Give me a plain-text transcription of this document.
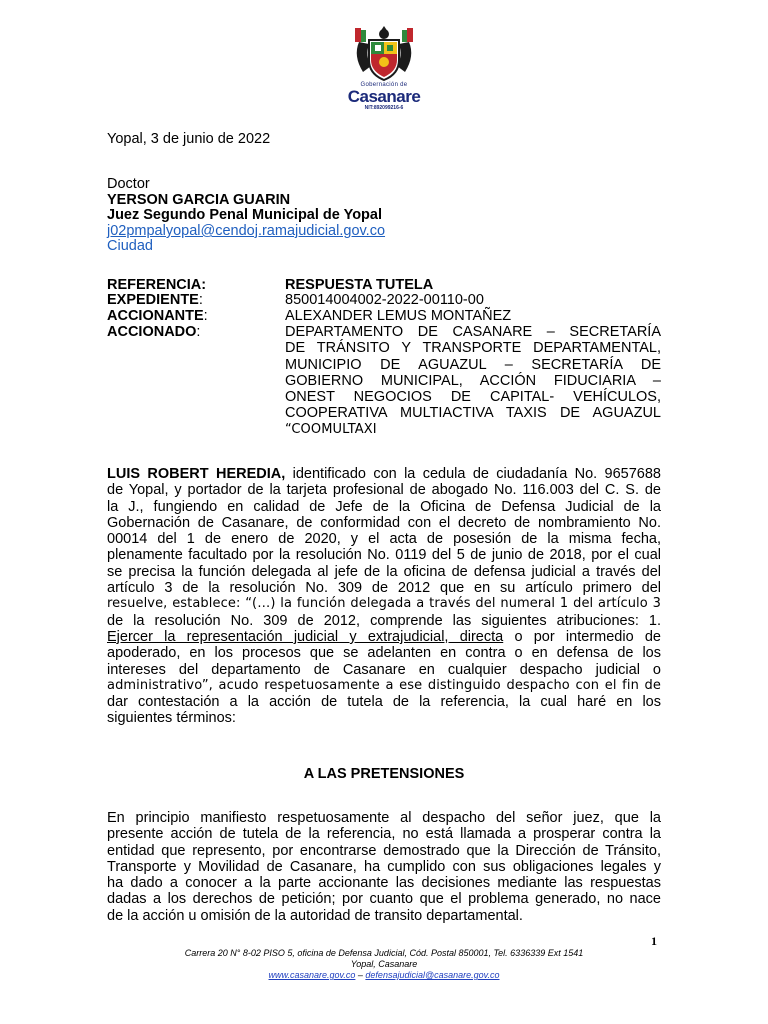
Gobernación de
Casanare
NIT:892099216-6
Yopal, 3 de junio de 2022
Doctor
YERSON GARCIA GUARIN
Juez Segundo Penal Municipal de Yopal
j02pmpalyopal@cendoj.ramajudicial.gov.co
Ciudad
REFERENCIA:	RESPUESTA TUTELA
EXPEDIENTE:	850014004002-2022-00110-00
ACCIONANTE:	ALEXANDER LEMUS MONTAÑEZ
ACCIONADO:	DEPARTAMENTO DE CASANARE – SECRETARÍA
DE TRÁNSITO Y TRANSPORTE DEPARTAMENTAL,
MUNICIPIO DE AGUAZUL – SECRETARÍA DE
GOBIERNO MUNICIPAL, ACCIÓN FIDUCIARIA –
ONEST NEGOCIOS DE CAPITAL- VEHÍCULOS,
COOPERATIVA MULTIACTIVA TAXIS DE AGUAZUL
“COOMULTAXI
LUIS ROBERT HEREDIA, identificado con la cedula de ciudadanía No. 9657688
de Yopal, y portador de la tarjeta profesional de abogado No. 116.003 del C. S. de
la J., fungiendo en calidad de Jefe de la Oficina de Defensa Judicial de la
Gobernación de Casanare, de conformidad con el decreto de nombramiento No.
00014 del 1 de enero de 2020, y el acta de posesión de la misma fecha,
plenamente facultado por la resolución No. 0119 del 5 de junio de 2018, por el cual
se precisa la función delegada al jefe de la oficina de defensa judicial a través del
artículo 3 de la resolución No. 309 de 2012 que en su artículo primero del
resuelve, establece: “(…) la función delegada a través del numeral 1 del artículo 3
de la resolución No. 309 de 2012, comprende las siguientes atribuciones: 1.
Ejercer la representación judicial y extrajudicial, directa o por intermedio de
apoderado, en los procesos que se adelanten en contra o en defensa de los
intereses del departamento de Casanare en cualquier despacho judicial o
administrativo”, acudo respetuosamente a ese distinguido despacho con el fin de
dar contestación a la acción de tutela de la referencia, la cual haré en los
siguientes términos:
A LAS PRETENSIONES
En principio manifiesto respetuosamente al despacho del señor juez, que la
presente acción de tutela de la referencia, no está llamada a prosperar contra la
entidad que represento, por encontrarse demostrado que la Dirección de Tránsito,
Transporte y Movilidad de Casanare, ha cumplido con sus obligaciones legales y
ha dado a conocer a la parte accionante las decisiones mediante las respuestas
dadas a los derechos de petición; por cuanto que el problema generado, no nace
de la acción u omisión de la autoridad de transito departamental.
1
Carrera 20 N° 8-02 PISO 5, oficina de Defensa Judicial, Cód. Postal 850001, Tel. 6336339 Ext 1541
Yopal, Casanare
www.casanare.gov.co – defensajudicial@casanare.gov.co
